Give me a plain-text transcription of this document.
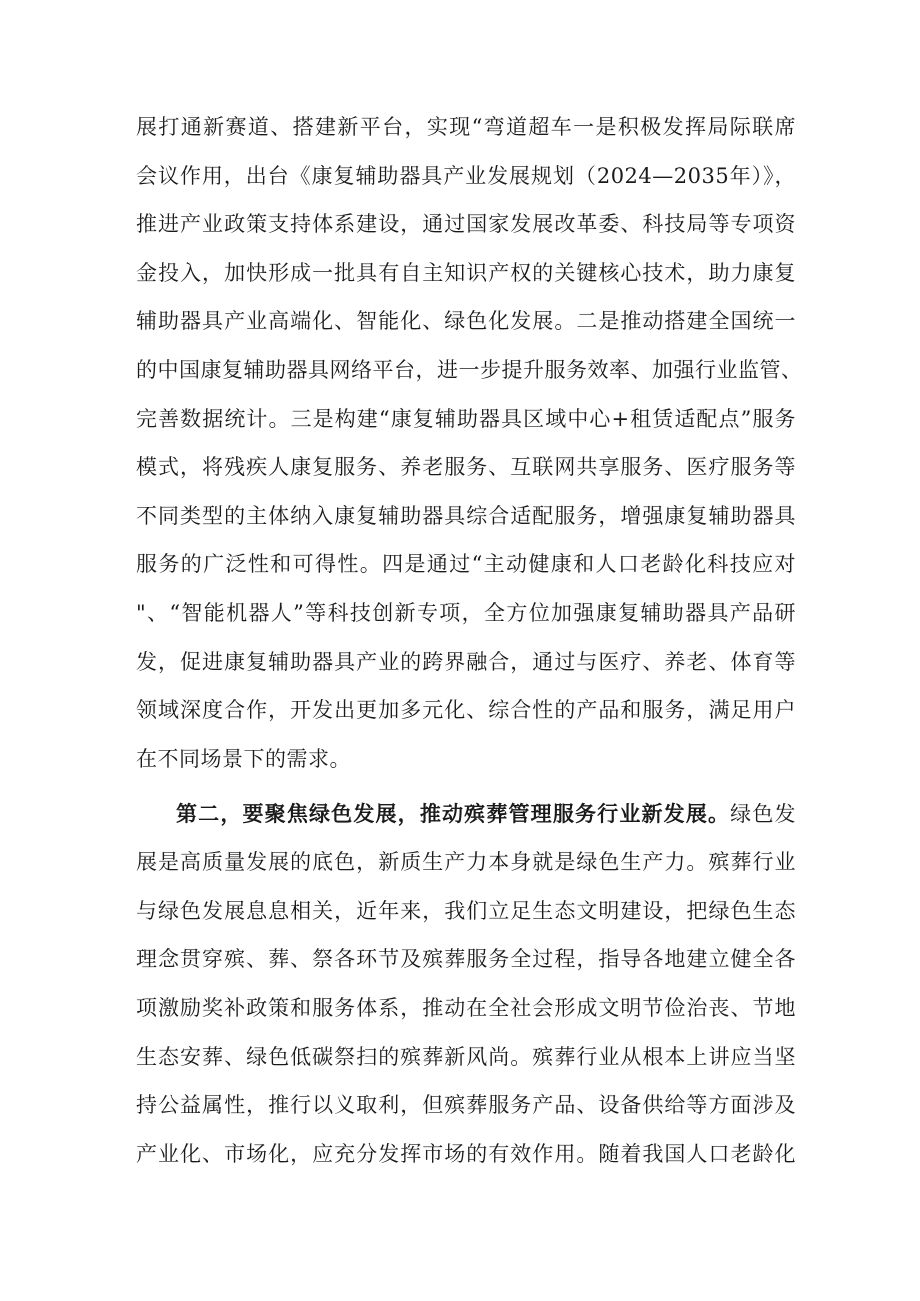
展打通新赛道、搭建新平台，实现“弯道超车一是积极发挥局际联席
会议作用，出台《康复辅助器具产业发展规划（2024—2035年）》，
推进产业政策支持体系建设，通过国家发展改革委、科技局等专项资
金投入，加快形成一批具有自主知识产权的关键核心技术，助力康复
辅助器具产业高端化、智能化、绿色化发展。二是推动搭建全国统一
的中国康复辅助器具网络平台，进一步提升服务效率、加强行业监管、
完善数据统计。三是构建“康复辅助器具区域中心+租赁适配点”服务
模式，将残疾人康复服务、养老服务、互联网共享服务、医疗服务等
不同类型的主体纳入康复辅助器具综合适配服务，增强康复辅助器具
服务的广泛性和可得性。四是通过“主动健康和人口老龄化科技应对
"、“智能机器人”等科技创新专项，全方位加强康复辅助器具产品研
发，促进康复辅助器具产业的跨界融合，通过与医疗、养老、体育等
领域深度合作，开发出更加多元化、综合性的产品和服务，满足用户
在不同场景下的需求。
第二，要聚焦绿色发展，推动殡葬管理服务行业新发展。绿色发
展是高质量发展的底色，新质生产力本身就是绿色生产力。殡葬行业
与绿色发展息息相关，近年来，我们立足生态文明建设，把绿色生态
理念贯穿殡、葬、祭各环节及殡葬服务全过程，指导各地建立健全各
项激励奖补政策和服务体系，推动在全社会形成文明节俭治丧、节地
生态安葬、绿色低碳祭扫的殡葬新风尚。殡葬行业从根本上讲应当坚
持公益属性，推行以义取利，但殡葬服务产品、设备供给等方面涉及
产业化、市场化，应充分发挥市场的有效作用。随着我国人口老龄化
